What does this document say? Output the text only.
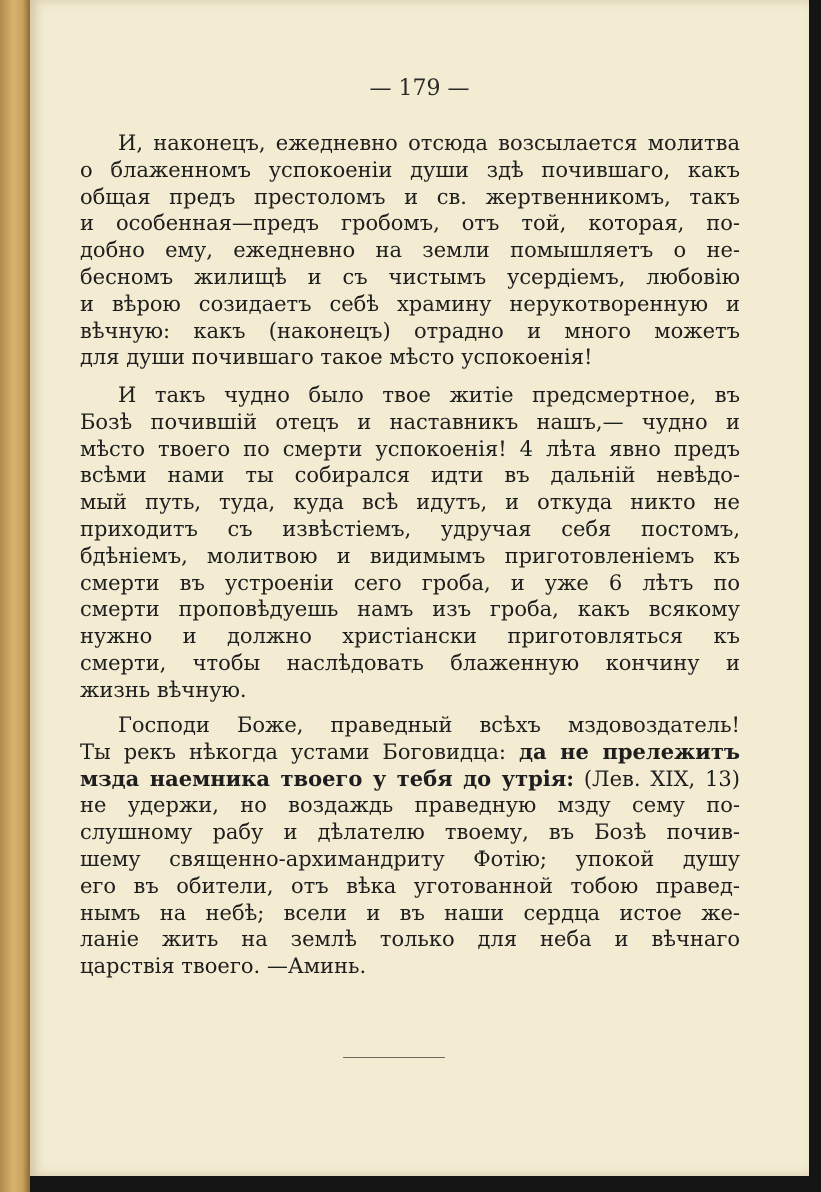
— 179 —
И, наконецъ, ежедневно отсюда возсылается молитва
о блаженномъ успокоенiи души здѣ почившаго, какъ
общая предъ престоломъ и св. жертвенникомъ, такъ
и особенная—предъ гробомъ, отъ той, которая, по-
добно ему, ежедневно на земли помышляетъ о не-
бесномъ жилищѣ и съ чистымъ усердiемъ, любовiю
и вѣрою созидаетъ себѣ храмину нерукотворенную и
вѣчную: какъ (наконецъ) отрадно и много можетъ
для души почившаго такое мѣсто успокоенiя!
И такъ чудно было твое житiе предсмертное, въ
Бозѣ почившiй отецъ и наставникъ нашъ,— чудно и
мѣсто твоего по смерти успокоенiя! 4 лѣта явно предъ
всѣми нами ты собирался идти въ дальнiй невѣдо-
мый путь, туда, куда всѣ идутъ, и откуда никто не
приходитъ съ извѣстiемъ, удручая себя постомъ,
бдѣнiемъ, молитвою и видимымъ приготовленiемъ къ
смерти въ устроенiи сего гроба, и уже 6 лѣтъ по
смерти проповѣдуешь намъ изъ гроба, какъ всякому
нужно и должно христiански приготовляться къ
смерти, чтобы наслѣдовать блаженную кончину и
жизнь вѣчную.
Господи Боже, праведный всѣхъ мздовоздатель!
Ты рекъ нѣкогда устами Боговидца: да не прележитъ
мзда наемника твоего у тебя до утрiя: (Лев. XIX, 13)
не удержи, но воздаждь праведную мзду сему по-
слушному рабу и дѣлателю твоему, въ Бозѣ почив-
шему священно-архимандриту Фотiю; упокой душу
его въ обители, отъ вѣка уготованной тобою правед-
нымъ на небѣ; всели и въ наши сердца истое же-
ланiе жить на землѣ только для неба и вѣчнаго
царствiя твоего. —Аминь.
